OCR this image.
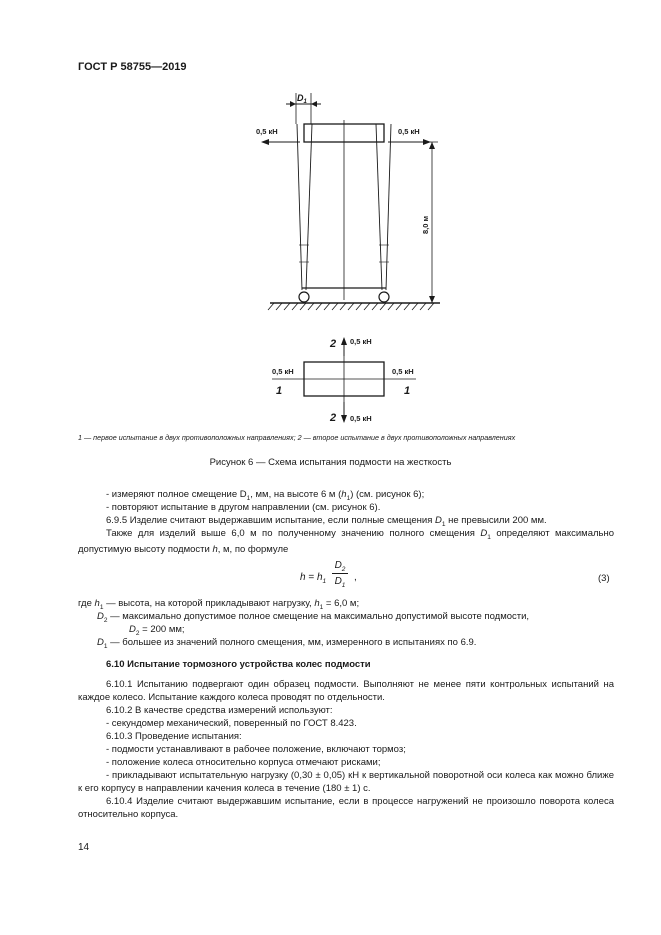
ГОСТ Р 58755—2019
$D_1$
0,5 кН	0,5 кН
8,0 м
2 0,5 кН
2 0,5 кН
0,5 кН	0,5 кН
1	1
1 — первое испытание в двух противоположных направлениях; 2 — второе испытание в двух противоположных направлениях
Рисунок 6 — Схема испытания подмости на жесткость
- измеряют полное смещение $D_1$, мм, на высоте 6 м $(h_1)$ (см. рисунок 6);
- повторяют испытание в другом направлении (см. рисунок 6).
6.9.5 Изделие считают выдержавшим испытание, если полные смещения $D_1$ не превысили 200 мм.
Также для изделий выше 6,0 м по полученному значению полного смещения $D_1$ определяют максимально допустимую высоту подмости h, м, по формуле
$h = h_1$
$D_2$
$D_1$
,	(3)
где $h_1$ — высота, на которой прикладывают нагрузку, $h_1 = 6,0$ м;
$D_2$ — максимально допустимое полное смещение на максимально допустимой высоте подмости,
$D_2 = 200$ мм;
$D_1$ — большее из значений полного смещения, мм, измеренного в испытаниях по 6.9.
6.10 Испытание тормозного устройства колес подмости
6.10.1 Испытанию подвергают один образец подмости. Выполняют не менее пяти контрольных испытаний на каждое колесо. Испытание каждого колеса проводят по отдельности.
6.10.2 В качестве средства измерений используют:
- секундомер механический, поверенный по ГОСТ 8.423.
6.10.3 Проведение испытания:
- подмости устанавливают в рабочее положение, включают тормоз;
- положение колеса относительно корпуса отмечают рисками;
- прикладывают испытательную нагрузку (0,30 ± 0,05) кН к вертикальной поворотной оси колеса как можно ближе к его корпусу в направлении качения колеса в течение (180 ± 1) с.
6.10.4 Изделие считают выдержавшим испытание, если в процессе нагружений не произошло поворота колеса относительно корпуса.
14
